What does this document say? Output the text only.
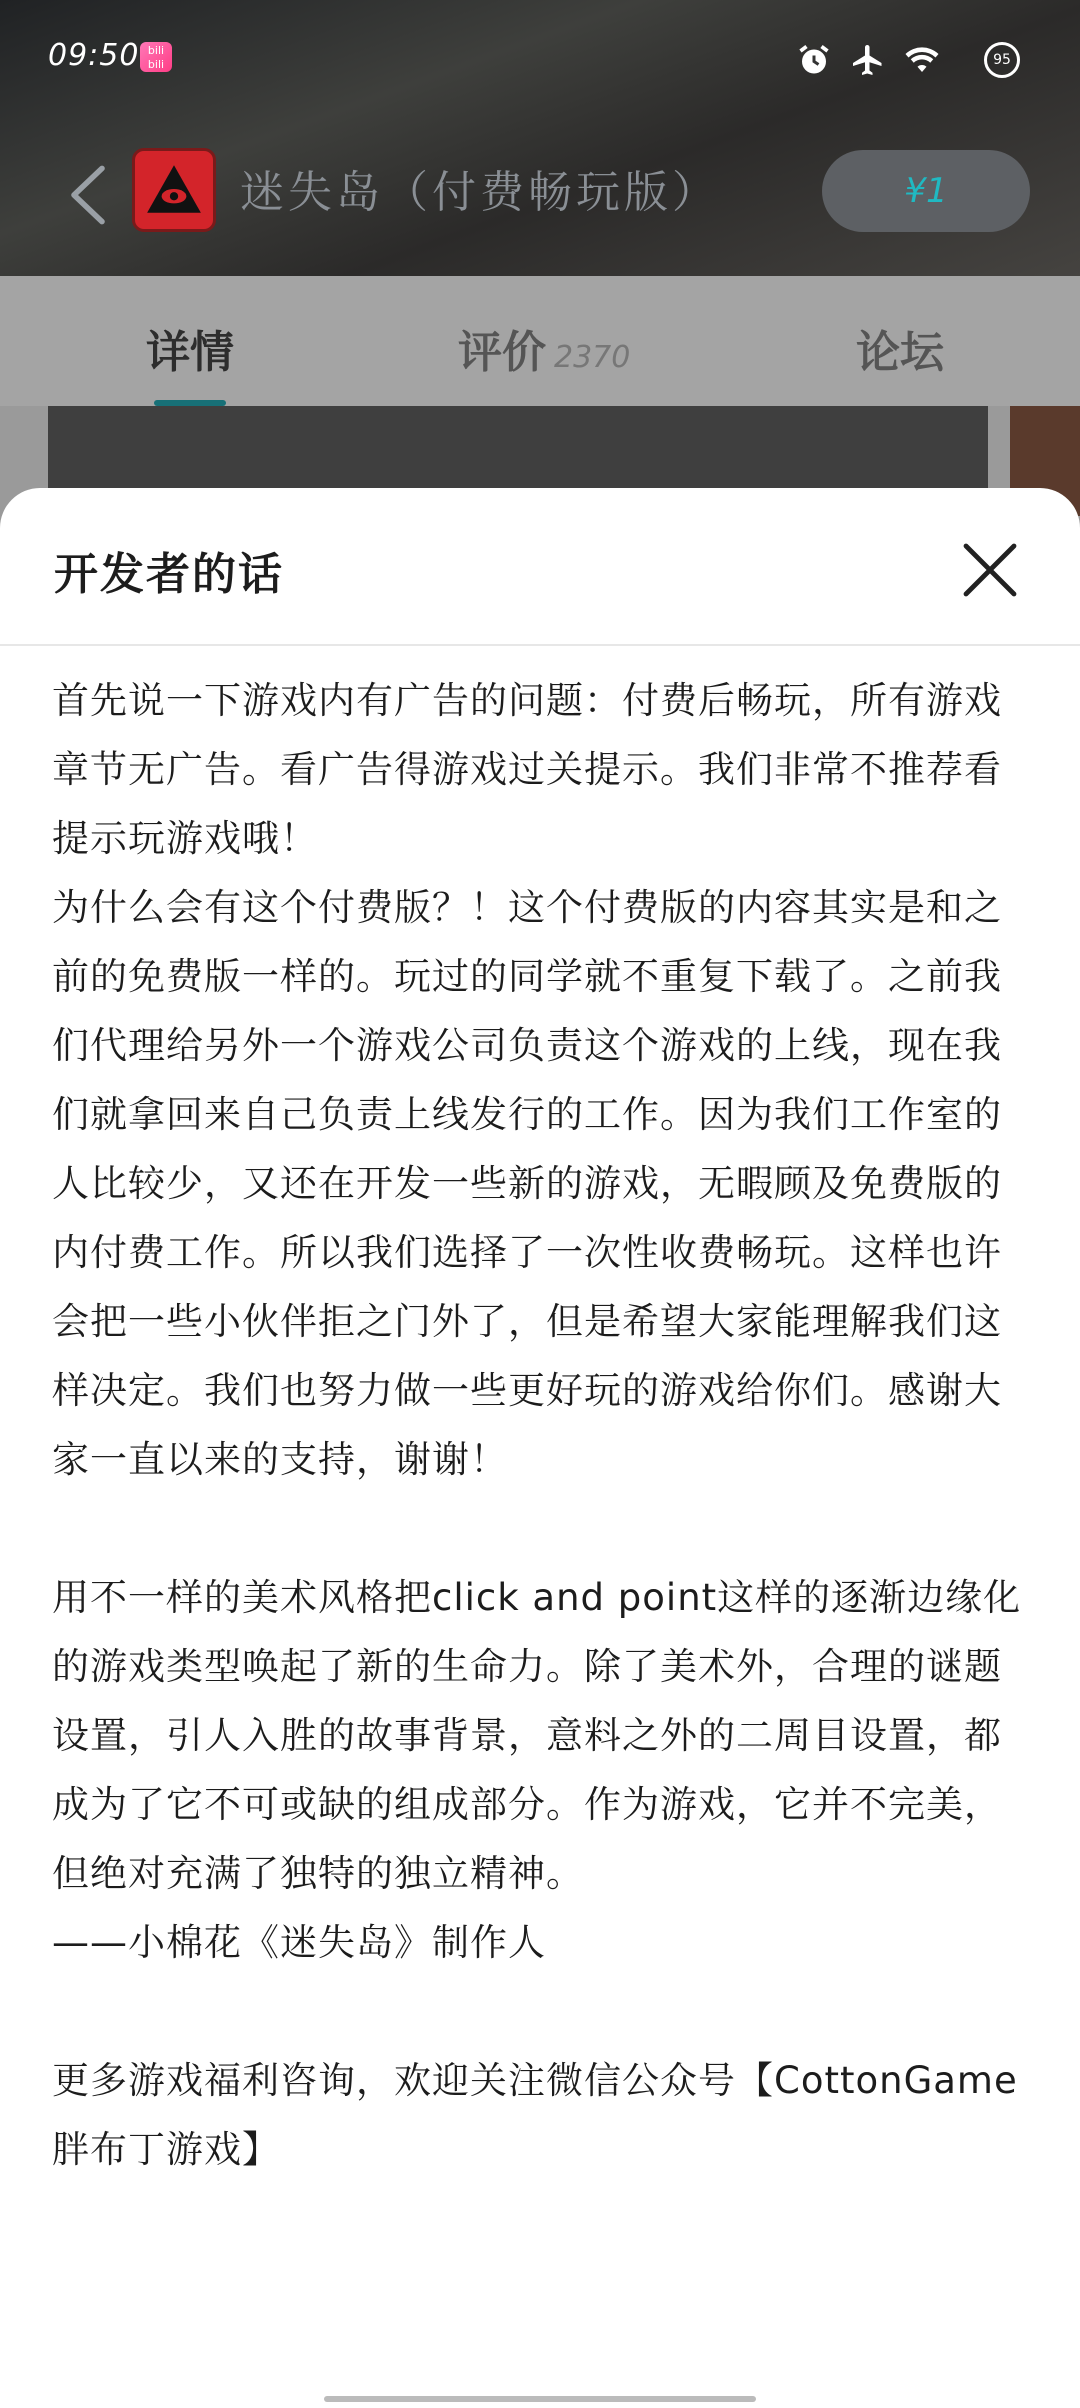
09:50 bili
bili	95
迷失岛（付费畅玩版）	¥1
详情	评价 2370	论坛
开发者的话
首先说一下游戏内有广告的问题：付费后畅玩，所有游戏章节无广告。看广告得游戏过关提示。我们非常不推荐看提示玩游戏哦！
为什么会有这个付费版？！这个付费版的内容其实是和之前的免费版一样的。玩过的同学就不重复下载了。之前我们代理给另外一个游戏公司负责这个游戏的上线，现在我们就拿回来自己负责上线发行的工作。因为我们工作室的人比较少，又还在开发一些新的游戏，无暇顾及免费版的内付费工作。所以我们选择了一次性收费畅玩。这样也许会把一些小伙伴拒之门外了，但是希望大家能理解我们这样决定。我们也努力做一些更好玩的游戏给你们。感谢大家一直以来的支持，谢谢！

用不一样的美术风格把click and point这样的逐渐边缘化的游戏类型唤起了新的生命力。除了美术外，合理的谜题设置，引人入胜的故事背景，意料之外的二周目设置，都成为了它不可或缺的组成部分。作为游戏，它并不完美，但绝对充满了独特的独立精神。
——小棉花《迷失岛》制作人

更多游戏福利咨询，欢迎关注微信公众号【CottonGame胖布丁游戏】
